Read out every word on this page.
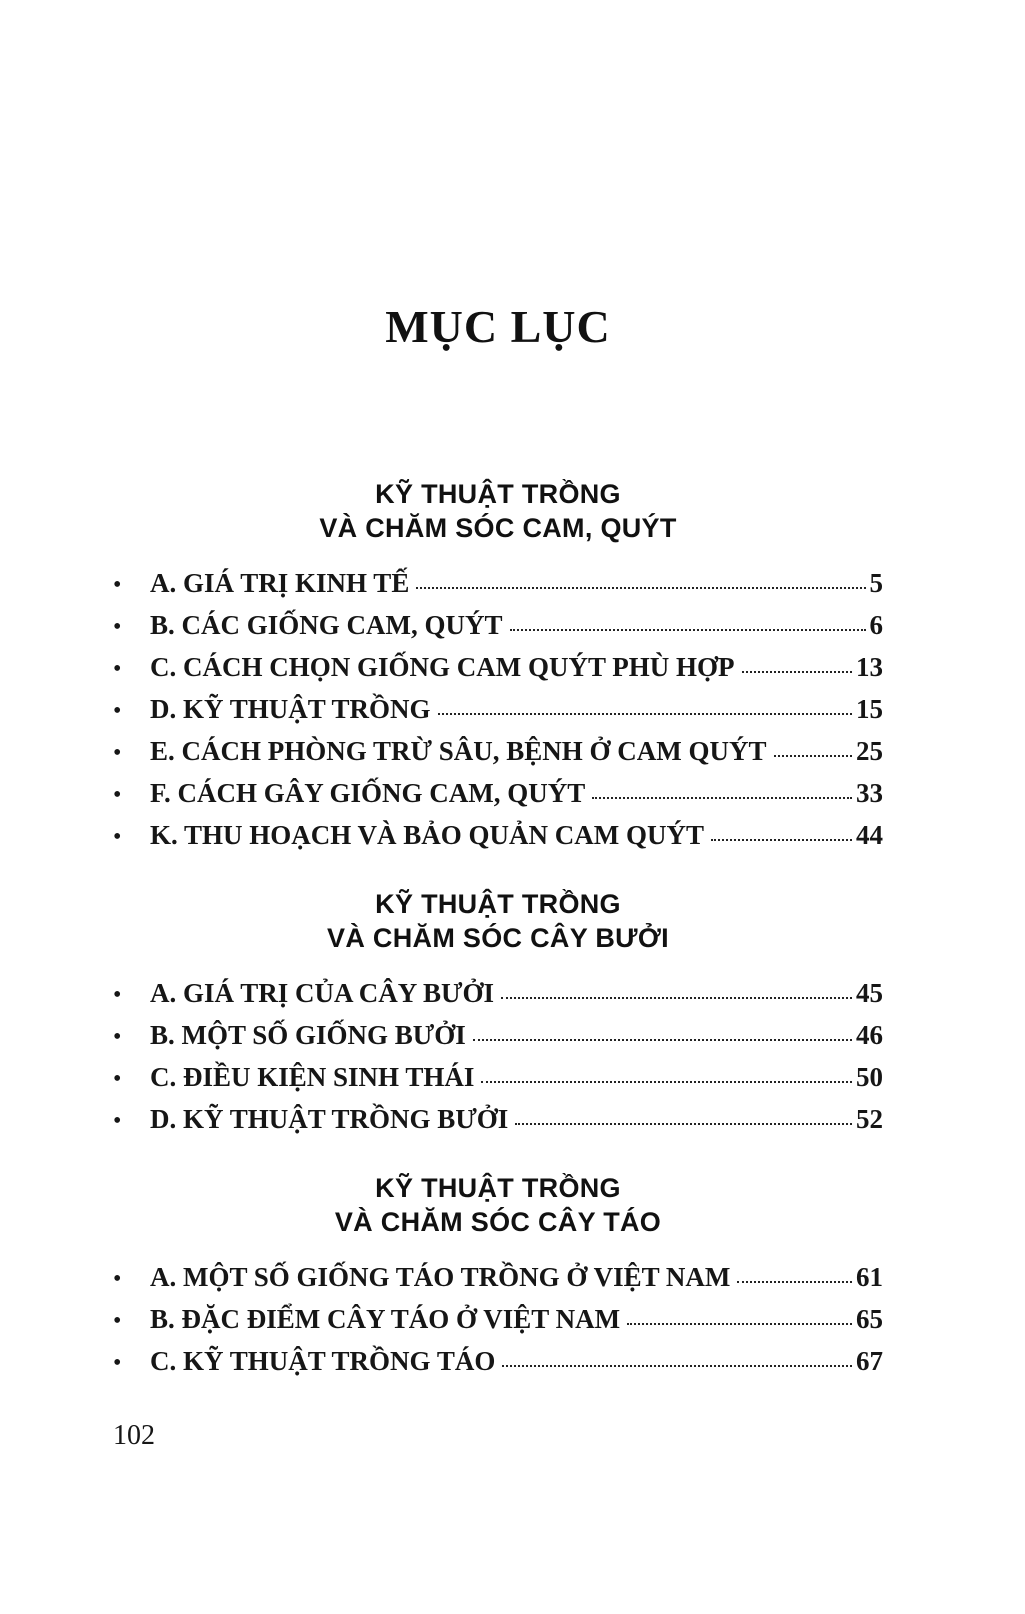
MỤC LỤC
KỸ THUẬT TRỒNG
VÀ CHĂM SÓC CAM, QUÝT
•	A. GIÁ TRỊ KINH TẾ	5
•	B. CÁC GIỐNG CAM, QUÝT	6
•	C. CÁCH CHỌN GIỐNG CAM QUÝT PHÙ HỢP	13
•	D. KỸ THUẬT TRỒNG	15
•	E. CÁCH PHÒNG TRỪ SÂU, BỆNH Ở CAM QUÝT	25
•	F. CÁCH GÂY GIỐNG CAM, QUÝT	33
•	K. THU HOẠCH VÀ BẢO QUẢN CAM QUÝT	44
KỸ THUẬT TRỒNG
VÀ CHĂM SÓC CÂY BƯỞI
•	A. GIÁ TRỊ CỦA CÂY BƯỞI	45
•	B. MỘT SỐ GIỐNG BƯỞI	46
•	C. ĐIỀU KIỆN SINH THÁI	50
•	D. KỸ THUẬT TRỒNG BƯỞI	52
KỸ THUẬT TRỒNG
VÀ CHĂM SÓC CÂY TÁO
•	A. MỘT SỐ GIỐNG TÁO TRỒNG Ở VIỆT NAM	61
•	B. ĐẶC ĐIỂM CÂY TÁO Ở VIỆT NAM	65
•	C. KỸ THUẬT TRỒNG TÁO	67
102
